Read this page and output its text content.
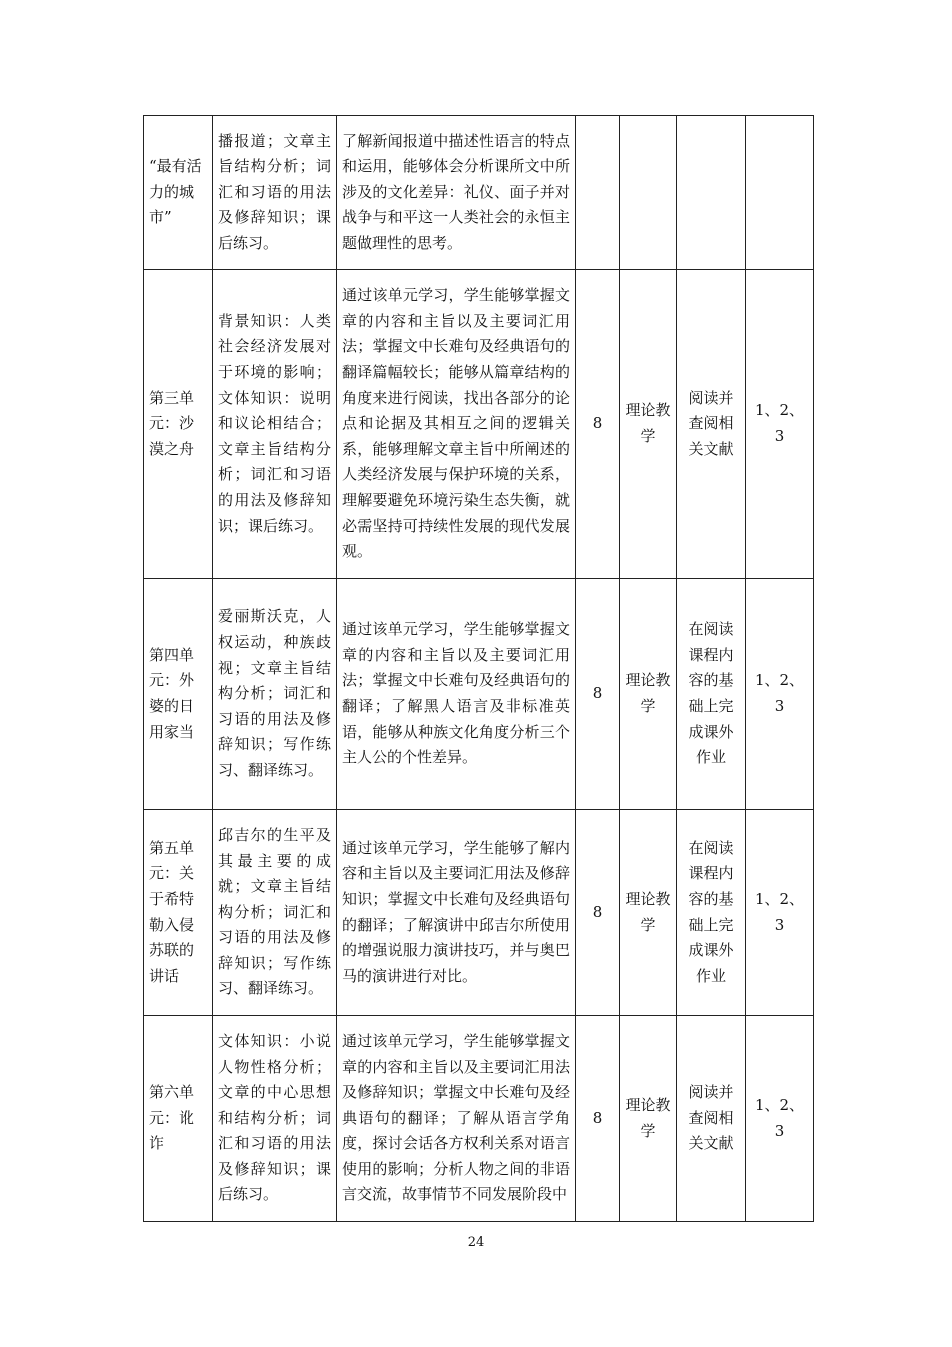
“最有活力的城市”	播报道；文章主旨结构分析；词汇和习语的用法及修辞知识；课后练习。	了解新闻报道中描述性语言的特点和运用，能够体会分析课所文中所涉及的文化差异：礼仪、面子并对战争与和平这一人类社会的永恒主题做理性的思考。				
第三单元：沙漠之舟	背景知识：人类社会经济发展对于环境的影响；文体知识：说明和议论相结合；文章主旨结构分析；词汇和习语的用法及修辞知识；课后练习。	通过该单元学习，学生能够掌握文章的内容和主旨以及主要词汇用法；掌握文中长难句及经典语句的翻译篇幅较长；能够从篇章结构的角度来进行阅读，找出各部分的论点和论据及其相互之间的逻辑关系，能够理解文章主旨中所阐述的人类经济发展与保护环境的关系，理解要避免环境污染生态失衡，就必需坚持可持续性发展的现代发展观。	8	理论教学	阅读并查阅相关文献	1、2、3
第四单元：外婆的日用家当	爱丽斯沃克，人权运动，种族歧视；文章主旨结构分析；词汇和习语的用法及修辞知识；写作练习、翻译练习。	通过该单元学习，学生能够掌握文章的内容和主旨以及主要词汇用法；掌握文中长难句及经典语句的翻译；了解黑人语言及非标准英语，能够从种族文化角度分析三个主人公的个性差异。	8	理论教学	在阅读课程内容的基础上完成课外作业	1、2、3
第五单元：关于希特勒入侵苏联的讲话	邱吉尔的生平及其最主要的成就；文章主旨结构分析；词汇和习语的用法及修辞知识；写作练习、翻译练习。	通过该单元学习，学生能够了解内容和主旨以及主要词汇用法及修辞知识；掌握文中长难句及经典语句的翻译；了解演讲中邱吉尔所使用的增强说服力演讲技巧，并与奥巴马的演讲进行对比。	8	理论教学	在阅读课程内容的基础上完成课外作业	1、2、3
第六单元：讹诈	文体知识：小说人物性格分析；文章的中心思想和结构分析；词汇和习语的用法及修辞知识；课后练习。	通过该单元学习，学生能够掌握文章的内容和主旨以及主要词汇用法及修辞知识；掌握文中长难句及经典语句的翻译；了解从语言学角度，探讨会话各方权利关系对语言使用的影响；分析人物之间的非语言交流，故事情节不同发展阶段中	8	理论教学	阅读并查阅相关文献	1、2、3
24
